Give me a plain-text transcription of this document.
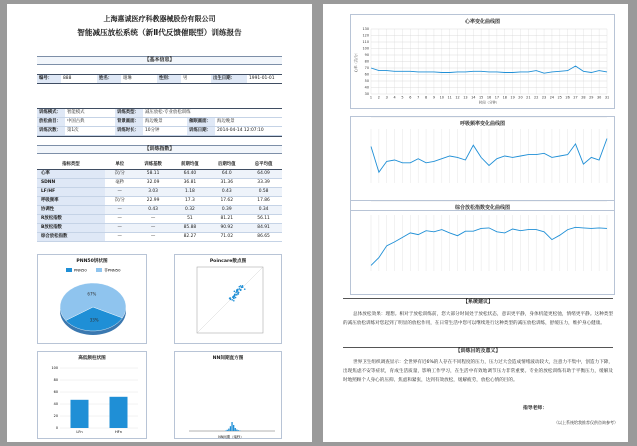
上海惠诚医疗科教器械股份有限公司
智能减压放松系统（新Ⅱ代反馈催眠型）训练报告
【基本信息】
编号：	888	姓名：	谢琳	性别：	男	出生日期：	1991-01-01
训练模式：	智能模式	训练类型：	减压放松-专业放松训练		
放松曲目：	中国古典	背景画面：	海边晚景	催眠画面：	海边晚景
训练次数：	第1次	训练时长：	10分钟	训练日期：	2014-04-14 12:07:10
【训练指数】
指标类型	单位	训练基数	前期均值	后期均值	总平均值
心率	次/分	58.11	64.40	64.0	64.09
SDNN	毫秒	32.09	36.81	31.36	33.39
LF/HF	—	3.03	1.18	0.43	0.58
呼吸频率	次/分	22.99	17.3	17.62	17.86
协调性	—	0.43	0.32	0.39	0.34
R放松指数	—	—	51	81.21	56.11
B放松指数	—	—	85.88	90.92	84.91
综合放松指数	—	—	82.27	71.02	86.65
PNN50饼状图
PNN50	非PNN50
33%
67%
Poincare散点图
高低频柱状图
100
80
60
40
20
0
LFn	HFn
NN间期直方图
NN间期（毫秒）
心率变化曲线图
130
120
110
100
90
80
70
60
50
40
30
1 2 3 4 5 6 7 8 9 10 11 12 13 14 15 16 17 18 19 20 21 22 23 24 25 26 27 28 29 30 31
心率（次/分）
时间（分钟）
呼吸频率变化曲线图
综合放松指数变化曲线图
【系统建议】
总体放松效果：理想。相对于放松训练前，您大部分时间处于放松状态，意识更平静，身体机能更松弛，情绪更平静。这种类型的减压放松训练对您起到了明显的放松作用，在日常生活中您可以继续进行这种类型的减压放松训练，舒缓压力，维护身心健康。
【训练目的及意义】
世界卫生组织调查显示：全世界有近6%的人存在不同程度的压力，压力过大会造成情绪波动较大，注意力不集中，创造力下降，出现焦虑不安等症状，育成生活质量，影响工作学习，在生活中有效地调节压力非常重要。专业的放松训练有助于平衡压力，缓解及时地照顾个人身心的压抑、焦虑和紧张，达到有效放松，缓解疲劳，放松心情的目的。
指导老师：
（以上系统给我推荐仅供咨询参考）
